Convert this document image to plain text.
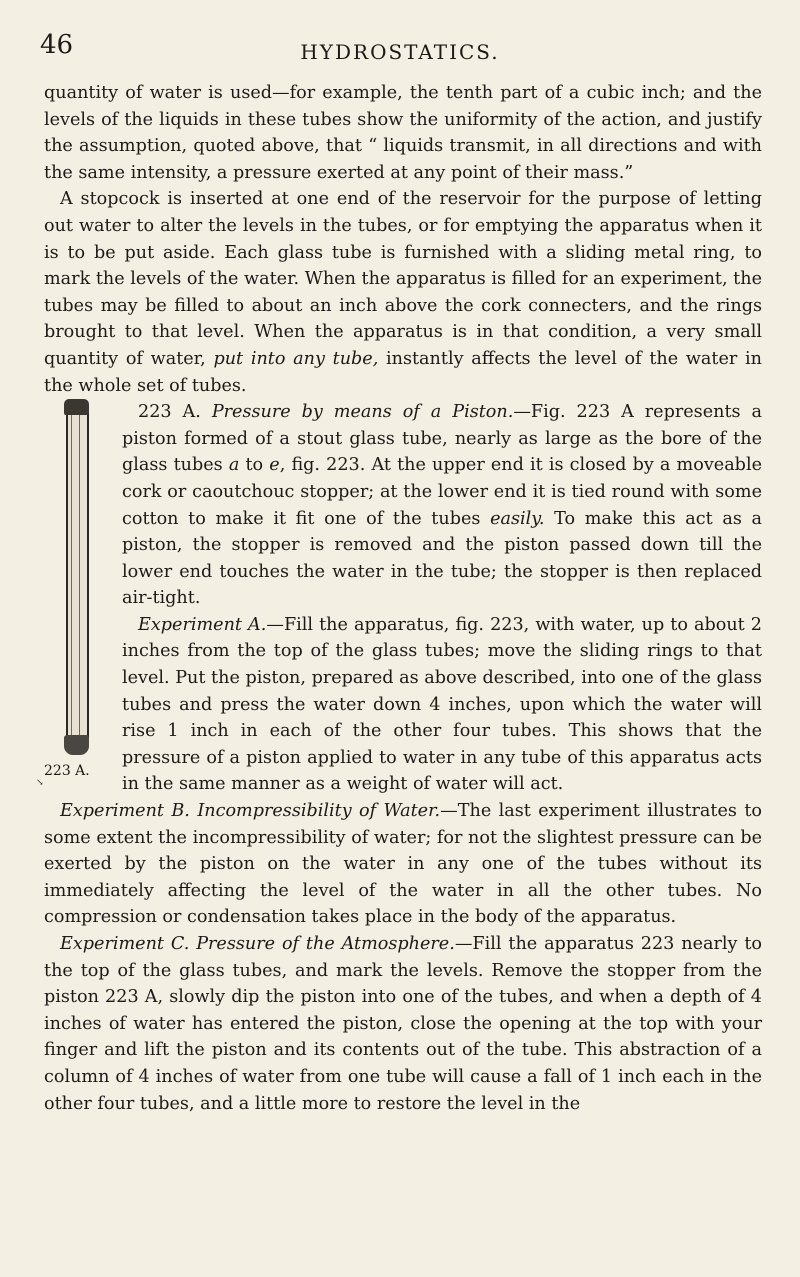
46	HYDROSTATICS.

quantity of water is used—for example, the tenth part of a cubic inch; and the levels of the liquids in these tubes show the uniformity of the action, and justify the assumption, quoted above, that “ liquids transmit, in all directions and with the same intensity, a pressure exerted at any point of their mass.”

A stopcock is inserted at one end of the reservoir for the purpose of letting out water to alter the levels in the tubes, or for emptying the apparatus when it is to be put aside. Each glass tube is furnished with a sliding metal ring, to mark the levels of the water. When the apparatus is filled for an experiment, the tubes may be filled to about an inch above the cork connecters, and the rings brought to that level. When the apparatus is in that condition, a very small quantity of water, put into any tube, instantly affects the level of the water in the whole set of tubes.

↘
223 A.

223 A. Pressure by means of a Piston.—Fig. 223 A represents a piston formed of a stout glass tube, nearly as large as the bore of the glass tubes a to e, fig. 223. At the upper end it is closed by a moveable cork or caoutchouc stopper; at the lower end it is tied round with some cotton to make it fit one of the tubes easily. To make this act as a piston, the stopper is removed and the piston passed down till the lower end touches the water in the tube; the stopper is then replaced air-tight.

Experiment A.—Fill the apparatus, fig. 223, with water, up to about 2 inches from the top of the glass tubes; move the sliding rings to that level. Put the piston, prepared as above described, into one of the glass tubes and press the water down 4 inches, upon which the water will rise 1 inch in each of the other four tubes. This shows that the pressure of a piston applied to water in any tube of this apparatus acts in the same manner as a weight of water will act.

Experiment B. Incompressibility of Water.—The last experiment illustrates to some extent the incompressibility of water; for not the slightest pressure can be exerted by the piston on the water in any one of the tubes without its immediately affecting the level of the water in all the other tubes. No compression or condensation takes place in the body of the apparatus.

Experiment C. Pressure of the Atmosphere.—Fill the apparatus 223 nearly to the top of the glass tubes, and mark the levels. Remove the stopper from the piston 223 A, slowly dip the piston into one of the tubes, and when a depth of 4 inches of water has entered the piston, close the opening at the top with your finger and lift the piston and its contents out of the tube. This abstraction of a column of 4 inches of water from one tube will cause a fall of 1 inch each in the other four tubes, and a little more to restore the level in the
